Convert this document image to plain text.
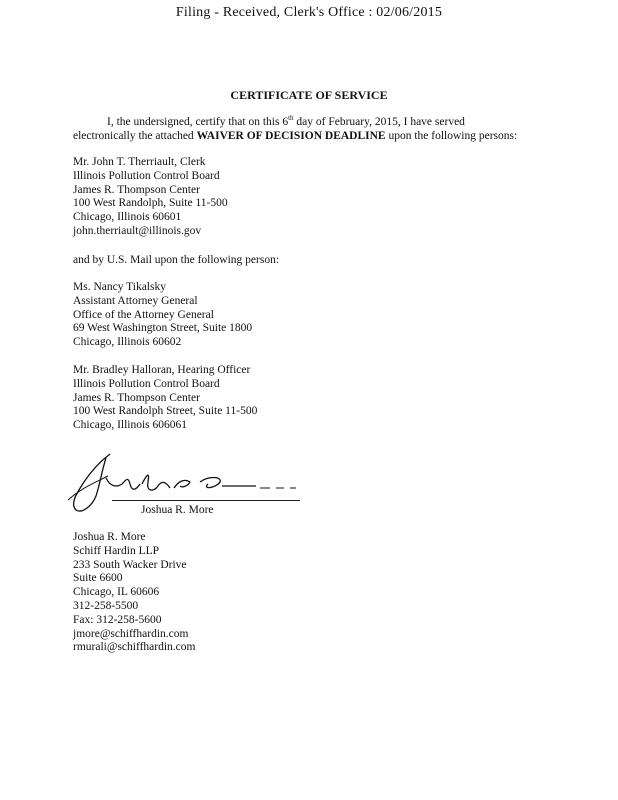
Filing - Received, Clerk's Office : 02/06/2015
CERTIFICATE OF SERVICE
I, the undersigned, certify that on this 6th day of February, 2015, I have served
electronically the attached WAIVER OF DECISION DEADLINE upon the following persons:
Mr. John T. Therriault, Clerk
Illinois Pollution Control Board
James R. Thompson Center
100 West Randolph, Suite 11-500
Chicago, Illinois 60601
john.therriault@illinois.gov
and by U.S. Mail upon the following person:
Ms. Nancy Tikalsky
Assistant Attorney General
Office of the Attorney General
69 West Washington Street, Suite 1800
Chicago, Illinois 60602
Mr. Bradley Halloran, Hearing Officer
Illinois Pollution Control Board
James R. Thompson Center
100 West Randolph Street, Suite 11-500
Chicago, Illinois 606061
Joshua R. More
Joshua R. More
Schiff Hardin LLP
233 South Wacker Drive
Suite 6600
Chicago, IL 60606
312-258-5500
Fax: 312-258-5600
jmore@schiffhardin.com
rmurali@schiffhardin.com
